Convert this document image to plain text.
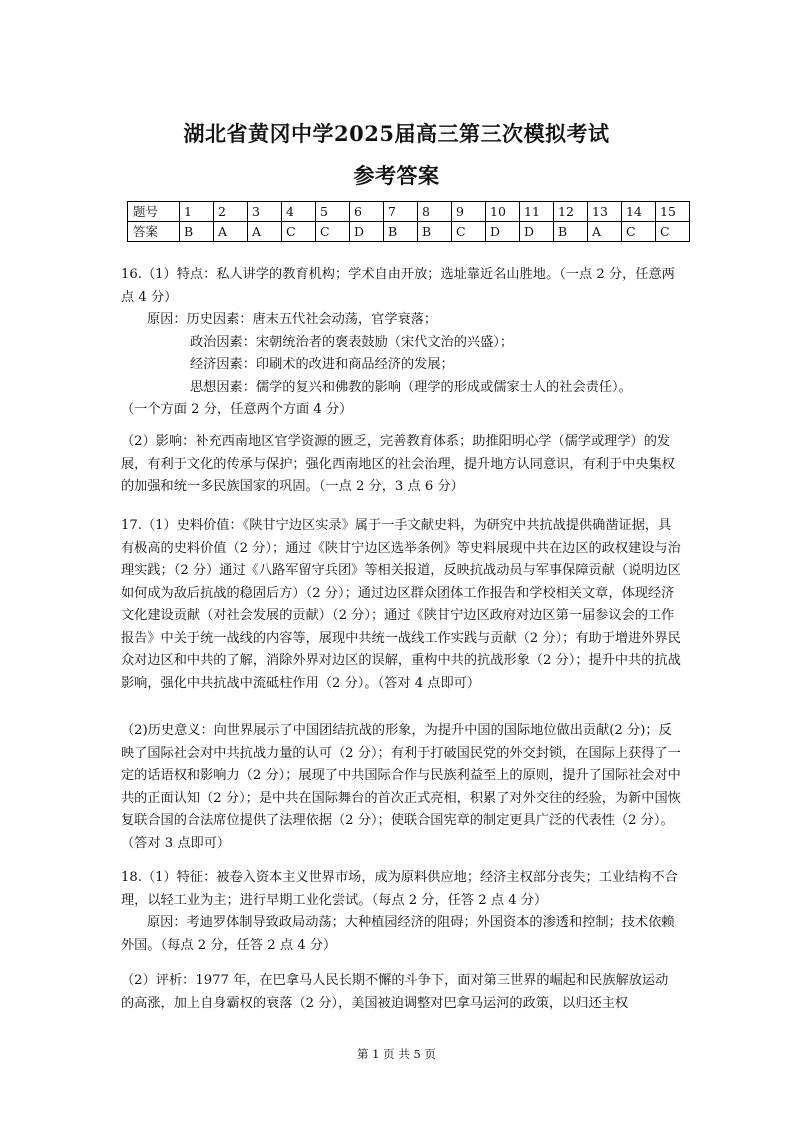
湖北省黄冈中学2025届高三第三次模拟考试
参考答案
题号	1	2	3	4	5	6	7	8	9	10	11	12	13	14	15
答案	B	A	A	C	C	D	B	B	C	D	D	B	A	C	C

16.（1）特点：私人讲学的教育机构；学术自由开放；选址靠近名山胜地。（一点 2 分，任意两点 4 分）

原因：历史因素：唐末五代社会动荡，官学衰落；

政治因素：宋朝统治者的褒表鼓励（宋代文治的兴盛）；

经济因素：印刷术的改进和商品经济的发展；

思想因素：儒学的复兴和佛教的影响（理学的形成或儒家士人的社会责任）。

（一个方面 2 分，任意两个方面 4 分）

（2）影响：补充西南地区官学资源的匮乏，完善教育体系；助推阳明心学（儒学或理学）的发展，有利于文化的传承与保护；强化西南地区的社会治理，提升地方认同意识，有利于中央集权的加强和统一多民族国家的巩固。（一点 2 分，3 点 6 分）

17.（1）史料价值：《陕甘宁边区实录》属于一手文献史料，为研究中共抗战提供确凿证据，具有极高的史料价值（2 分）；通过《陕甘宁边区选举条例》等史料展现中共在边区的政权建设与治理实践；（2 分）通过《八路军留守兵团》等相关报道，反映抗战动员与军事保障贡献（说明边区如何成为敌后抗战的稳固后方）（2 分）；通过边区群众团体工作报告和学校相关文章，体现经济文化建设贡献（对社会发展的贡献）（2 分）；通过《陕甘宁边区政府对边区第一届参议会的工作报告》中关于统一战线的内容等，展现中共统一战线工作实践与贡献（2 分）；有助于增进外界民众对边区和中共的了解，消除外界对边区的误解，重构中共的抗战形象（2 分）；提升中共的抗战影响，强化中共抗战中流砥柱作用（2 分）。（答对 4 点即可）

（2)历史意义：向世界展示了中国团结抗战的形象，为提升中国的国际地位做出贡献(2 分)；反映了国际社会对中共抗战力量的认可（2 分）；有利于打破国民党的外交封锁，在国际上获得了一定的话语权和影响力（2 分）；展现了中共国际合作与民族利益至上的原则，提升了国际社会对中共的正面认知（2 分）；是中共在国际舞台的首次正式亮相，积累了对外交往的经验，为新中国恢复联合国的合法席位提供了法理依据（2 分）；使联合国宪章的制定更具广泛的代表性（2 分）。（答对 3 点即可）

18.（1）特征：被卷入资本主义世界市场，成为原料供应地；经济主权部分丧失；工业结构不合理，以轻工业为主；进行早期工业化尝试。（每点 2 分，任答 2 点 4 分）

原因：考迪罗体制导致政局动荡；大种植园经济的阻碍；外国资本的渗透和控制；技术依赖外国。（每点 2 分，任答 2 点 4 分）

（2）评析：1977 年，在巴拿马人民长期不懈的斗争下，面对第三世界的崛起和民族解放运动的高涨，加上自身霸权的衰落（2 分），美国被迫调整对巴拿马运河的政策，以归还主权

第 1 页 共 5 页
